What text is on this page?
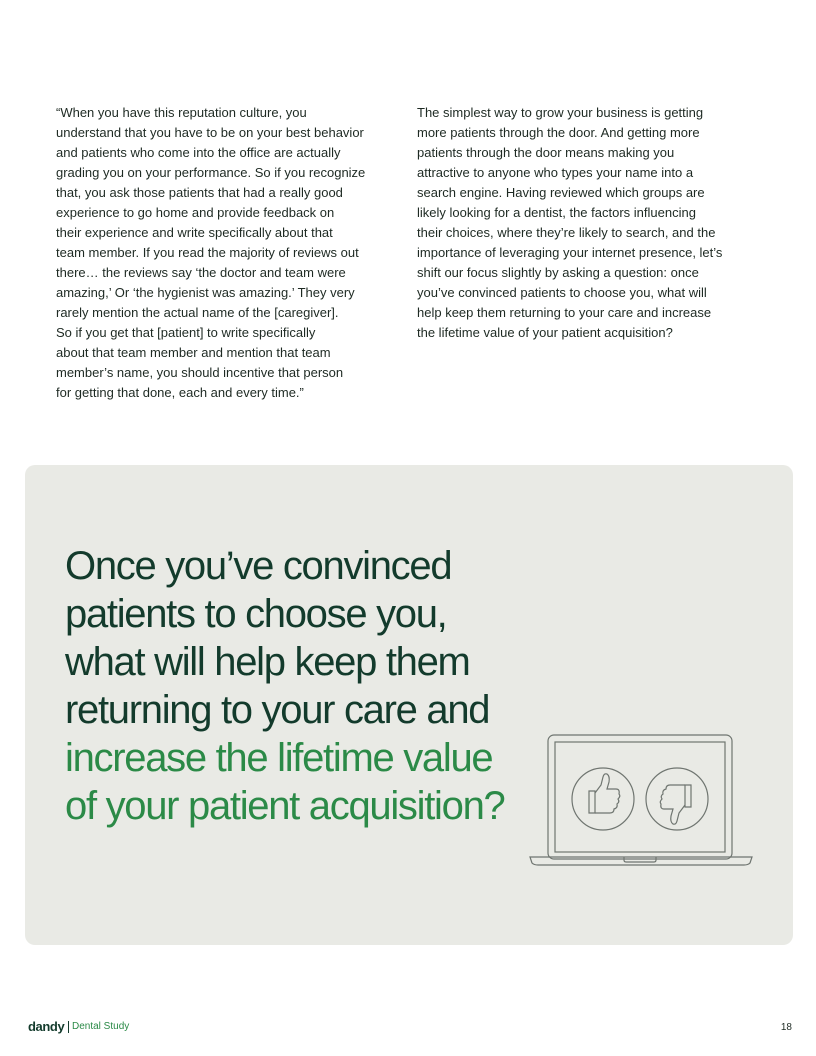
“When you have this reputation culture, you
understand that you have to be on your best behavior
and patients who come into the office are actually
grading you on your performance. So if you recognize
that, you ask those patients that had a really good
experience to go home and provide feedback on
their experience and write specifically about that
team member. If you read the majority of reviews out
there… the reviews say ‘the doctor and team were
amazing,’ Or ‘the hygienist was amazing.’ They very
rarely mention the actual name of the [caregiver].
So if you get that [patient] to write specifically
about that team member and mention that team
member’s name, you should incentive that person
for getting that done, each and every time.”

The simplest way to grow your business is getting
more patients through the door. And getting more
patients through the door means making you
attractive to anyone who types your name into a
search engine. Having reviewed which groups are
likely looking for a dentist, the factors influencing
their choices, where they’re likely to search, and the
importance of leveraging your internet presence, let’s
shift our focus slightly by asking a question: once
you’ve convinced patients to choose you, what will
help keep them returning to your care and increase
the lifetime value of your patient acquisition?

Once you’ve convinced patients to choose you, what will help keep them returning to your care and increase the lifetime value of your patient acquisition?
dandy Dental Study	18
